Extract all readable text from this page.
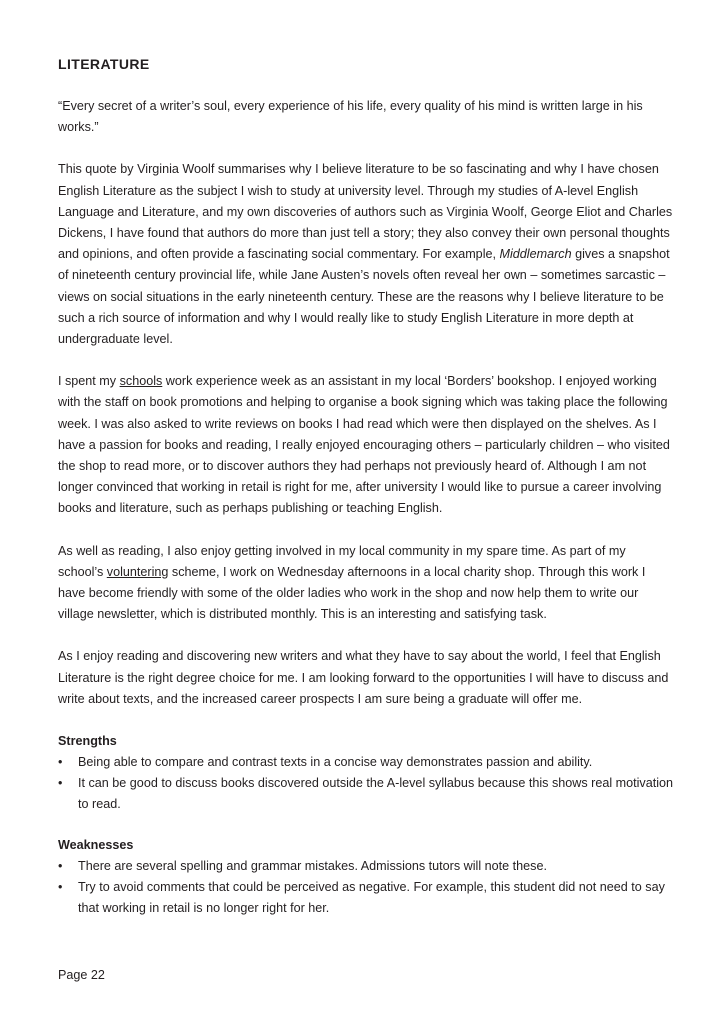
LITERATURE

“Every secret of a writer’s soul, every experience of his life, every quality of his mind is written large in his works.”

This quote by Virginia Woolf summarises why I believe literature to be so fascinating and why I have chosen English Literature as the subject I wish to study at university level. Through my studies of A-level English Language and Literature, and my own discoveries of authors such as Virginia Woolf, George Eliot and Charles Dickens, I have found that authors do more than just tell a story; they also convey their own personal thoughts and opinions, and often provide a fascinating social commentary. For example, Middlemarch gives a snapshot of nineteenth century provincial life, while Jane Austen’s novels often reveal her own – sometimes sarcastic – views on social situations in the early nineteenth century. These are the reasons why I believe literature to be such a rich source of information and why I would really like to study English Literature in more depth at undergraduate level.

I spent my schools work experience week as an assistant in my local ‘Borders’ bookshop. I enjoyed working with the staff on book promotions and helping to organise a book signing which was taking place the following week. I was also asked to write reviews on books I had read which were then displayed on the shelves. As I have a passion for books and reading, I really enjoyed encouraging others – particularly children – who visited the shop to read more, or to discover authors they had perhaps not previously heard of. Although I am not longer convinced that working in retail is right for me, after university I would like to pursue a career involving books and literature, such as perhaps publishing or teaching English.

As well as reading, I also enjoy getting involved in my local community in my spare time. As part of my school’s voluntering scheme, I work on Wednesday afternoons in a local charity shop. Through this work I have become friendly with some of the older ladies who work in the shop and now help them to write our village newsletter, which is distributed monthly. This is an interesting and satisfying task.

As I enjoy reading and discovering new writers and what they have to say about the world, I feel that English Literature is the right degree choice for me. I am looking forward to the opportunities I will have to discuss and write about texts, and the increased career prospects I am sure being a graduate will offer me.

Strengths
• Being able to compare and contrast texts in a concise way demonstrates passion and ability.
• It can be good to discuss books discovered outside the A-level syllabus because this shows real motivation to read.
Weaknesses
• There are several spelling and grammar mistakes. Admissions tutors will note these.
• Try to avoid comments that could be perceived as negative. For example, this student did not need to say that working in retail is no longer right for her.
Page 22
